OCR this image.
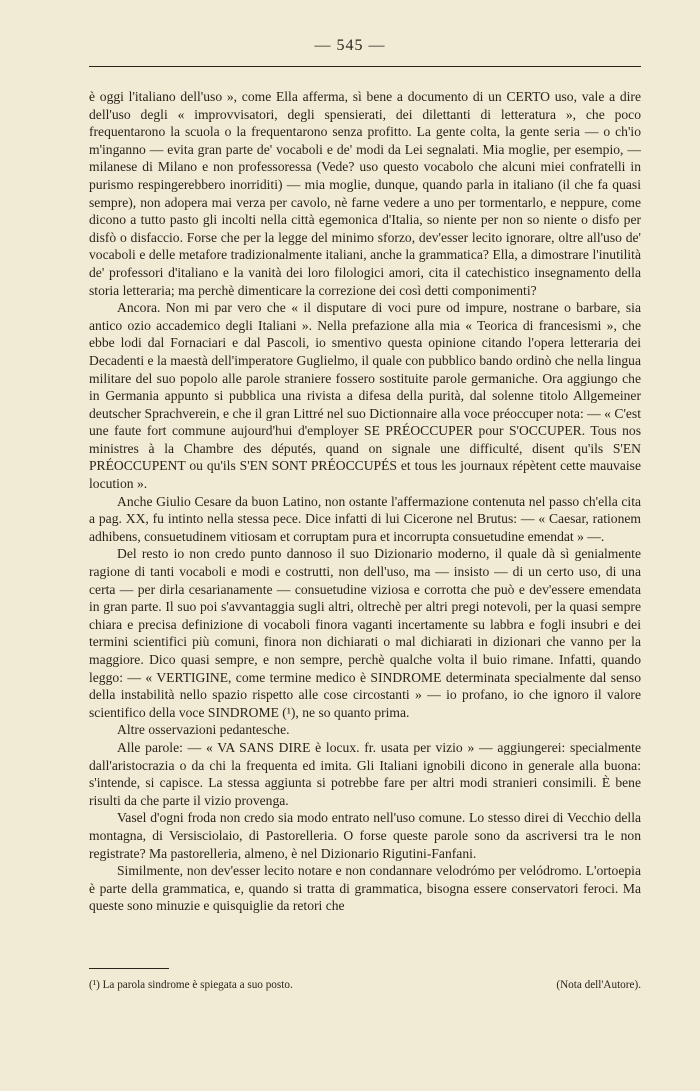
— 545 —

è oggi l'italiano dell'uso », come Ella afferma, sì bene a documento di un CERTO uso, vale a dire dell'uso degli « improvvisatori, degli spensierati, dei dilettanti di letteratura », che poco frequentarono la scuola o la frequentarono senza profitto. La gente colta, la gente seria — o ch'io m'inganno — evita gran parte de' vocaboli e de' modi da Lei segnalati. Mia moglie, per esempio, — milanese di Milano e non professoressa (Vede? uso questo vocabolo che alcuni miei confratelli in purismo respingerebbero inorriditi) — mia moglie, dunque, quando parla in italiano (il che fa quasi sempre), non adopera mai verza per cavolo, nè farne vedere a uno per tormentarlo, e neppure, come dicono a tutto pasto gli incolti nella città egemonica d'Italia, so niente per non so niente o disfo per disfò o disfaccio. Forse che per la legge del minimo sforzo, dev'esser lecito ignorare, oltre all'uso de' vocaboli e delle metafore tradizionalmente italiani, anche la grammatica? Ella, a dimostrare l'inutilità de' professori d'italiano e la vanità dei loro filologici amori, cita il catechistico insegnamento della storia letteraria; ma perchè dimenticare la correzione dei così detti componimenti?

Ancora. Non mi par vero che « il disputare di voci pure od impure, nostrane o barbare, sia antico ozio accademico degli Italiani ». Nella prefazione alla mia « Teorica di francesismi », che ebbe lodi dal Fornaciari e dal Pascoli, io smentivo questa opinione citando l'opera letteraria dei Decadenti e la maestà dell'imperatore Guglielmo, il quale con pubblico bando ordinò che nella lingua militare del suo popolo alle parole straniere fossero sostituite parole germaniche. Ora aggiungo che in Germania appunto si pubblica una rivista a difesa della purità, dal solenne titolo Allgemeiner deutscher Sprachverein, e che il gran Littré nel suo Dictionnaire alla voce préoccuper nota: — « C'est une faute fort commune aujourd'hui d'employer SE PRÉOCCUPER pour S'OCCUPER. Tous nos ministres à la Chambre des députés, quand on signale une difficulté, disent qu'ils S'EN PRÉOCCUPENT ou qu'ils S'EN SONT PRÉOCCUPÉS et tous les journaux répètent cette mauvaise locution ».

Anche Giulio Cesare da buon Latino, non ostante l'affermazione contenuta nel passo ch'ella cita a pag. XX, fu intinto nella stessa pece. Dice infatti di lui Cicerone nel Brutus: — « Caesar, rationem adhibens, consuetudinem vitiosam et corruptam pura et incorrupta consuetudine emendat » —.

Del resto io non credo punto dannoso il suo Dizionario moderno, il quale dà sì genialmente ragione di tanti vocaboli e modi e costrutti, non dell'uso, ma — insisto — di un certo uso, di una certa — per dirla cesarianamente — consuetudine viziosa e corrotta che può e dev'essere emendata in gran parte. Il suo poi s'avvantaggia sugli altri, oltrechè per altri pregi notevoli, per la quasi sempre chiara e precisa definizione di vocaboli finora vaganti incertamente su labbra e fogli insubri e dei termini scientifici più comuni, finora non dichiarati o mal dichiarati in dizionari che vanno per la maggiore. Dico quasi sempre, e non sempre, perchè qualche volta il buio rimane. Infatti, quando leggo: — « VERTIGINE, come termine medico è SINDROME determinata specialmente dal senso della instabilità nello spazio rispetto alle cose circostanti » — io profano, io che ignoro il valore scientifico della voce SINDROME (¹), ne so quanto prima.

Altre osservazioni pedantesche.

Alle parole: — « VA SANS DIRE è locux. fr. usata per vizio » — aggiungerei: specialmente dall'aristocrazia o da chi la frequenta ed imita. Gli Italiani ignobili dicono in generale alla buona: s'intende, si capisce. La stessa aggiunta si potrebbe fare per altri modi stranieri consimili. È bene risulti da che parte il vizio provenga.

Vasel d'ogni froda non credo sia modo entrato nell'uso comune. Lo stesso direi di Vecchio della montagna, di Versisciolaio, di Pastorelleria. O forse queste parole sono da ascriversi tra le non registrate? Ma pastorelleria, almeno, è nel Dizionario Rigutini-Fanfani.

Similmente, non dev'esser lecito notare e non condannare velodrómo per velódromo. L'ortoepia è parte della grammatica, e, quando si tratta di grammatica, bisogna essere conservatori feroci. Ma queste sono minuzie e quisquiglie da retori che

(¹) La parola sindrome è spiegata a suo posto.	(Nota dell'Autore).
